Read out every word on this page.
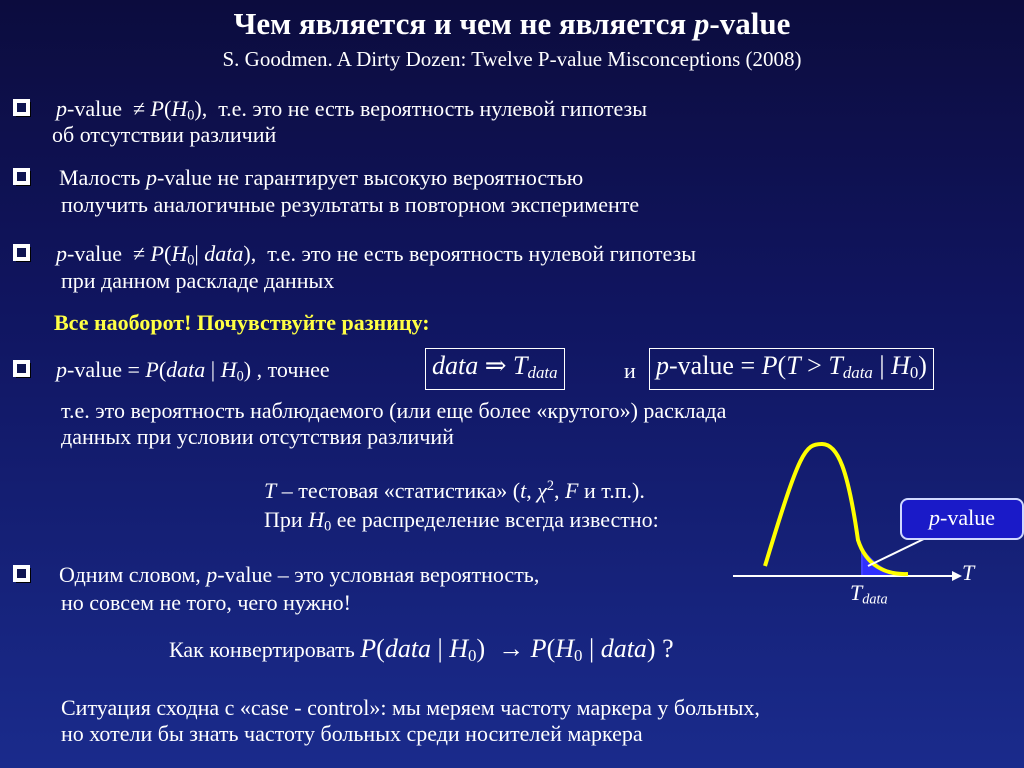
Чем является и чем не является p-value
S. Goodmen. A Dirty Dozen: Twelve P-value Misconceptions (2008)
p-value ≠ $P(H_0)$, т.е. это не есть вероятность нулевой гипотезы
об отсутствии различий
Малость p-value не гарантирует высокую вероятностью
получить аналогичные результаты в повторном эксперименте
p-value ≠ $P(H_0|$ data), т.е. это не есть вероятность нулевой гипотезы
при данном раскладе данных
Все наоборот! Почувствуйте разницу:
p-value = P(data | $H_0$) , точнее	data ⇒ $T_{data}$	и p-value = $P(T > T_{data}$ | $H_0$)
т.е. это вероятность наблюдаемого (или еще более «крутого») расклада
данных при условии отсутствия различий
T – тестовая «статистика» (t, $\chi^2$, F и т.п.).
При $H_0$ ее распределение всегда известно:
T
$T_{data}$
p-value
Одним словом, p-value – это условная вероятность,
но совсем не того, чего нужно!
Как конвертировать P(data | $H_0) \to P(H_0$ | data) ?
Ситуация сходна с «case - control»: мы меряем частоту маркера у больных,
но хотели бы знать частоту больных среди носителей маркера
